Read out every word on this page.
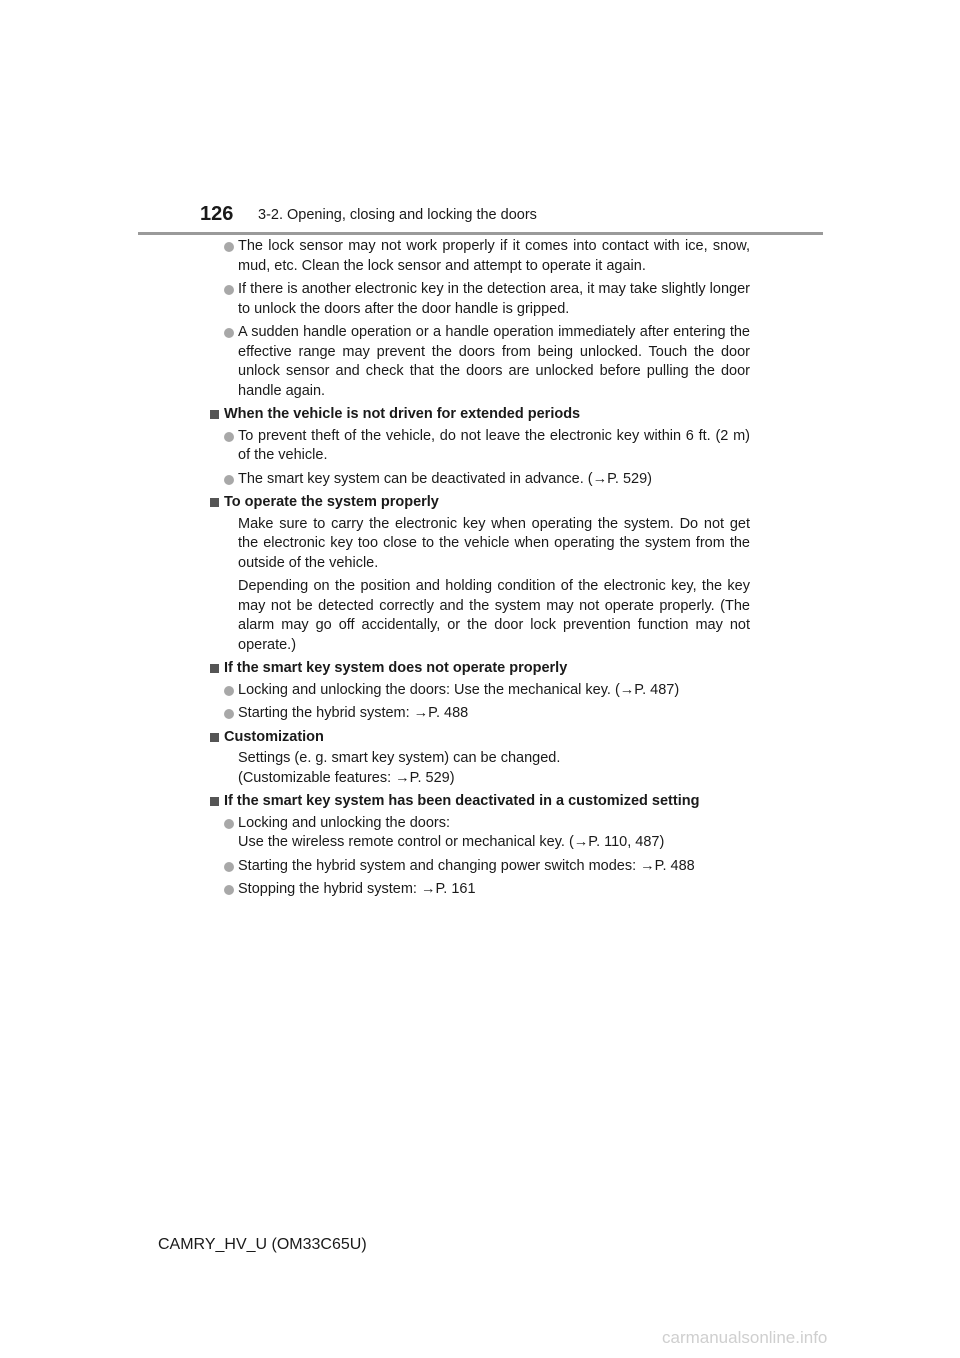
126 3-2. Opening, closing and locking the doors
The lock sensor may not work properly if it comes into contact with ice, snow, mud, etc. Clean the lock sensor and attempt to operate it again.
If there is another electronic key in the detection area, it may take slightly longer to unlock the doors after the door handle is gripped.
A sudden handle operation or a handle operation immediately after entering the effective range may prevent the doors from being unlocked. Touch the door unlock sensor and check that the doors are unlocked before pulling the door handle again.
When the vehicle is not driven for extended periods
To prevent theft of the vehicle, do not leave the electronic key within 6 ft. (2 m) of the vehicle.
The smart key system can be deactivated in advance. (→P. 529)
To operate the system properly
Make sure to carry the electronic key when operating the system. Do not get the electronic key too close to the vehicle when operating the system from the outside of the vehicle.
Depending on the position and holding condition of the electronic key, the key may not be detected correctly and the system may not operate properly. (The alarm may go off accidentally, or the door lock prevention function may not operate.)
If the smart key system does not operate properly
Locking and unlocking the doors: Use the mechanical key. (→P. 487)
Starting the hybrid system: →P. 488
Customization
Settings (e. g. smart key system) can be changed.
(Customizable features: →P. 529)
If the smart key system has been deactivated in a customized setting
Locking and unlocking the doors:
Use the wireless remote control or mechanical key. (→P. 110, 487)
Starting the hybrid system and changing power switch modes: →P. 488
Stopping the hybrid system: →P. 161
CAMRY_HV_U (OM33C65U)
carmanualsonline.info
